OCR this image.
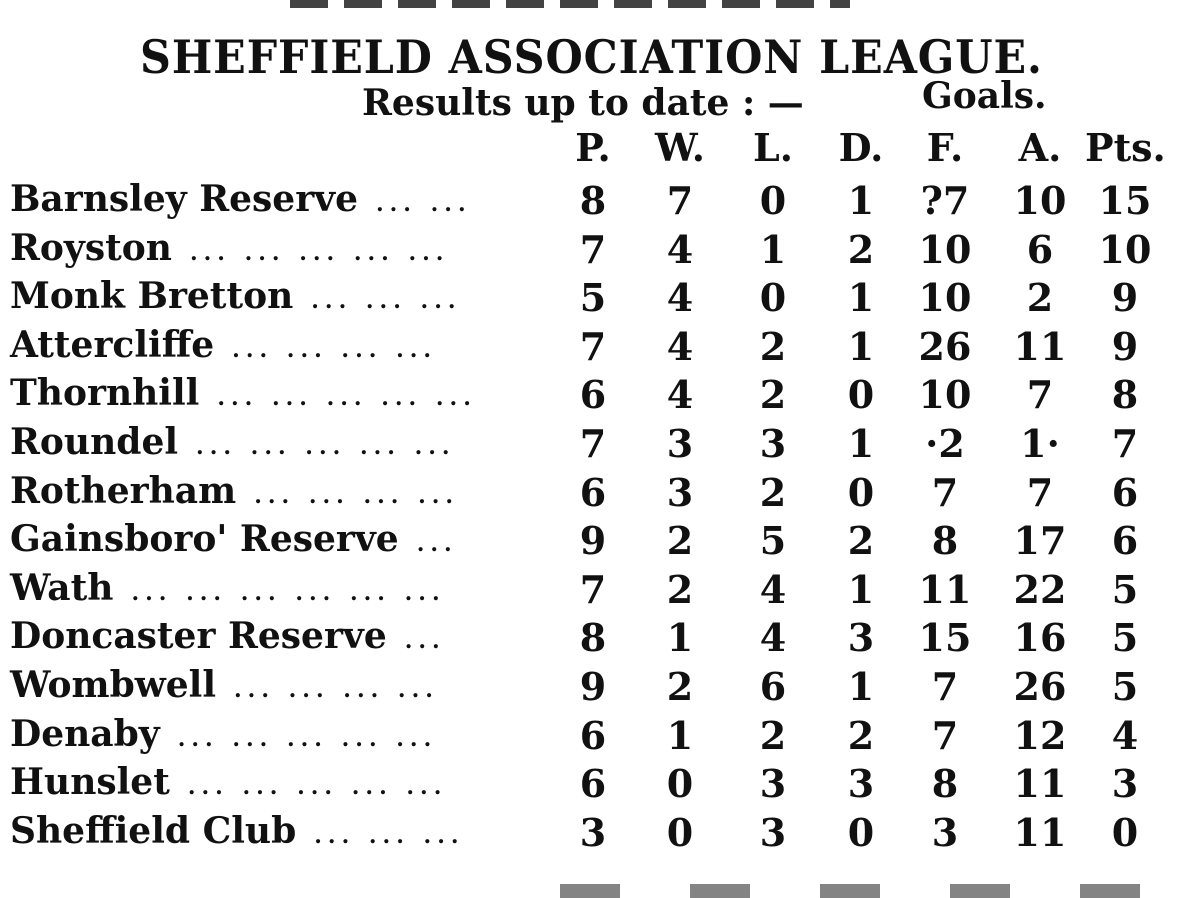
SHEFFIELD ASSOCIATION LEAGUE.
Results up to date : —	Goals.
P.	W.	L.	D.	F.	A. Pts.
Barnsley Reserve ... ...	8	7	0	1	?7 10 15
Royston ... ... ... ... ...	7	4	1	2	10	6	10
Monk Bretton ... ... ...	5	4	0	1	10	2	9
Attercliffe ... ... ... ...	7	4	2	1	26 11	9
Thornhill ... ... ... ... ...	6	4	2	0	10	7	8
Roundel ... ... ... ... ...	7	3	3	1	·2	1·	7
Rotherham ... ... ... ...	6	3	2	0	7	7	6
Gainsboro' Reserve ...	9	2	5	2	8	17	6
Wath ... ... ... ... ... ...	7	2	4	1	11 22	5
Doncaster Reserve ...	8	1	4	3	15 16	5
Wombwell ... ... ... ...	9	2	6	1	7	26	5
Denaby ... ... ... ... ...	6	1	2	2	7	12	4
Hunslet ... ... ... ... ...	6	0	3	3	8	11	3
Sheffield Club ... ... ...	3	0	3	0	3	11	0
